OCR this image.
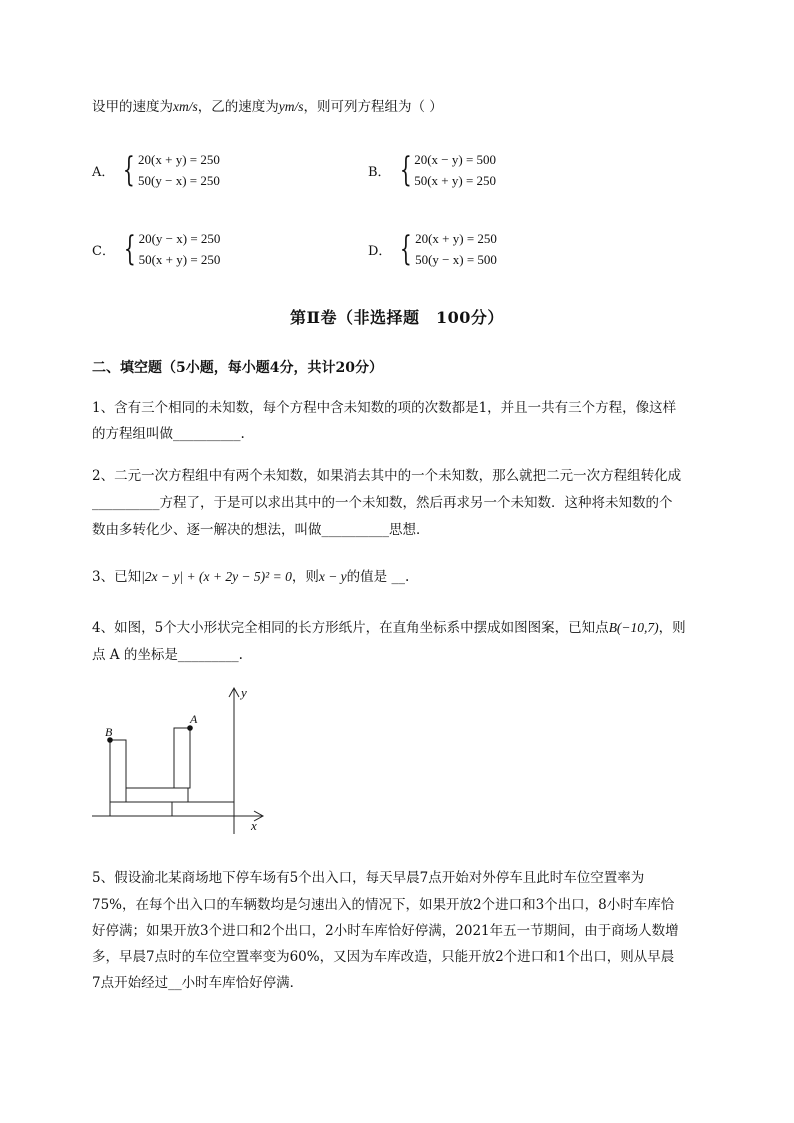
设甲的速度为xm/s，乙的速度为ym/s，则可列方程组为（ ）
A． { 20(x + y) = 250
50(y − x) = 250
B． { 20(x − y) = 500
50(x + y) = 250
C． { 20(y − x) = 250
50(x + y) = 250
D． { 20(x + y) = 250
50(y − x) = 500
第Ⅱ卷（非选择题　100分）
二、填空题（5小题，每小题4分，共计20分）
1、含有三个相同的未知数，每个方程中含未知数的项的次数都是1，并且一共有三个方程，像这样
的方程组叫做__________.
2、二元一次方程组中有两个未知数，如果消去其中的一个未知数，那么就把二元一次方程组转化成
__________方程了，于是可以求出其中的一个未知数，然后再求另一个未知数．这种将未知数的个
数由多转化少、逐一解决的想法，叫做__________思想．
3、已知|2x − y| + (x + 2y − 5)² = 0，则x − y的值是 __.
4、如图，5个大小形状完全相同的长方形纸片，在直角坐标系中摆成如图图案，已知点B(−10,7)，则
点 A 的坐标是_________.
y
x
A
B
5、假设渝北某商场地下停车场有5个出入口，每天早晨7点开始对外停车且此时车位空置率为
75%，在每个出入口的车辆数均是匀速出入的情况下，如果开放2个进口和3个出口，8小时车库恰
好停满；如果开放3个进口和2个出口，2小时车库恰好停满，2021年五一节期间，由于商场人数增
多，早晨7点时的车位空置率变为60%，又因为车库改造，只能开放2个进口和1个出口，则从早晨
7点开始经过__小时车库恰好停满．
